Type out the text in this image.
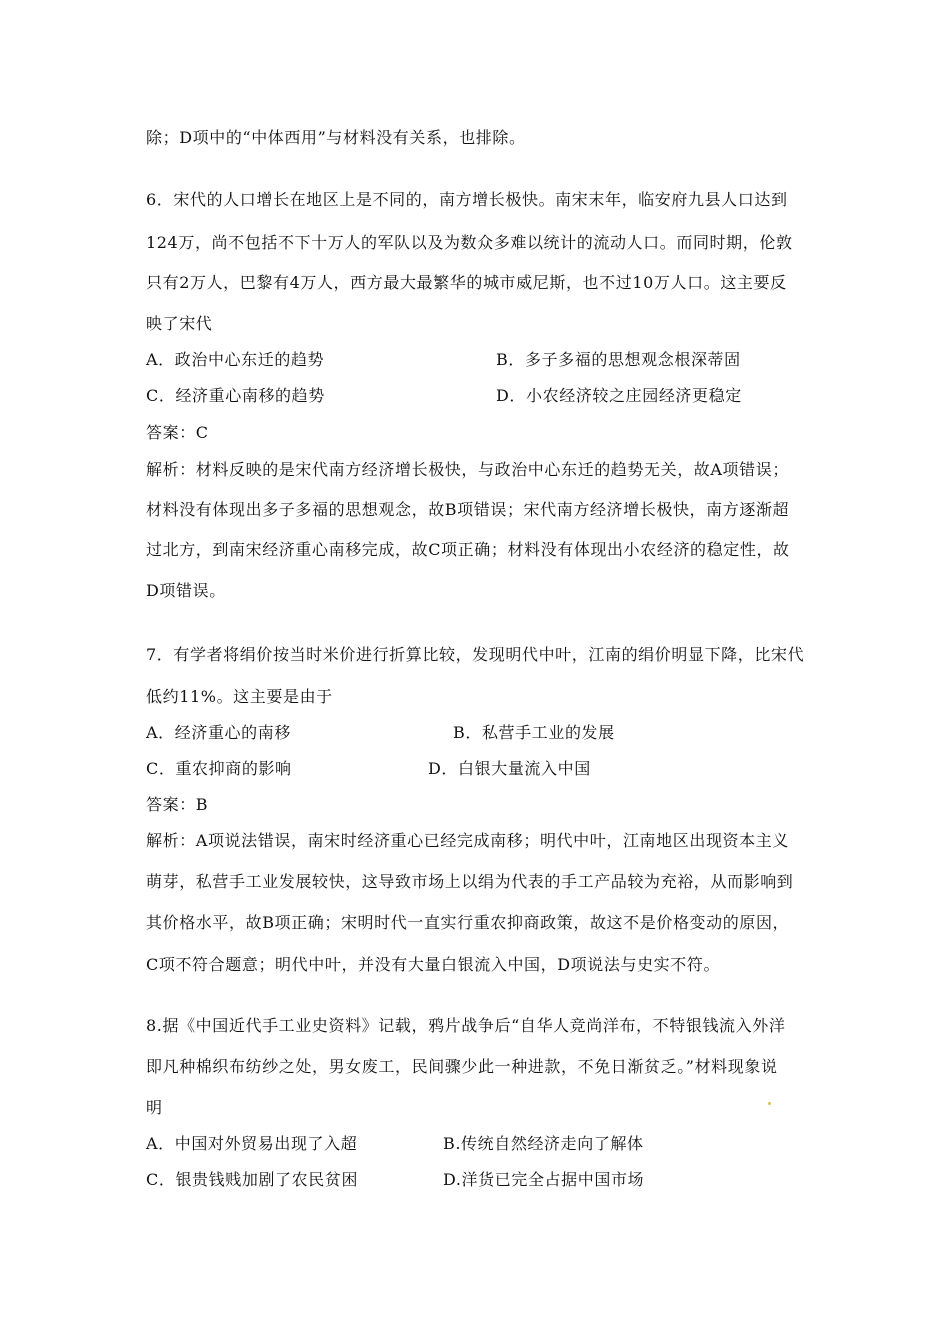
除；D项中的“中体西用”与材料没有关系，也排除。
6．宋代的人口增长在地区上是不同的，南方增长极快。南宋末年，临安府九县人口达到
124万，尚不包括不下十万人的军队以及为数众多难以统计的流动人口。而同时期，伦敦
只有2万人，巴黎有4万人，西方最大最繁华的城市威尼斯，也不过10万人口。这主要反
映了宋代
A．政治中心东迁的趋势	B．多子多福的思想观念根深蒂固
C．经济重心南移的趋势	D．小农经济较之庄园经济更稳定
答案：C
解析：材料反映的是宋代南方经济增长极快，与政治中心东迁的趋势无关，故A项错误；
材料没有体现出多子多福的思想观念，故B项错误；宋代南方经济增长极快，南方逐渐超
过北方，到南宋经济重心南移完成，故C项正确；材料没有体现出小农经济的稳定性，故
D项错误。
7．有学者将绢价按当时米价进行折算比较，发现明代中叶，江南的绢价明显下降，比宋代
低约11%。这主要是由于
A．经济重心的南移	B．私营手工业的发展
C．重农抑商的影响	D．白银大量流入中国
答案：B
解析：A项说法错误，南宋时经济重心已经完成南移；明代中叶，江南地区出现资本主义
萌芽，私营手工业发展较快，这导致市场上以绢为代表的手工产品较为充裕，从而影响到
其价格水平，故B项正确；宋明时代一直实行重农抑商政策，故这不是价格变动的原因，
C项不符合题意；明代中叶，并没有大量白银流入中国，D项说法与史实不符。
8.据《中国近代手工业史资料》记载，鸦片战争后“自华人竞尚洋布，不特银钱流入外洋
即凡种棉织布纺纱之处，男女废工，民间骤少此一种进款，不免日渐贫乏。”材料现象说
明
A．中国对外贸易出现了入超	B.传统自然经济走向了解体
C．银贵钱贱加剧了农民贫困	D.洋货已完全占据中国市场
